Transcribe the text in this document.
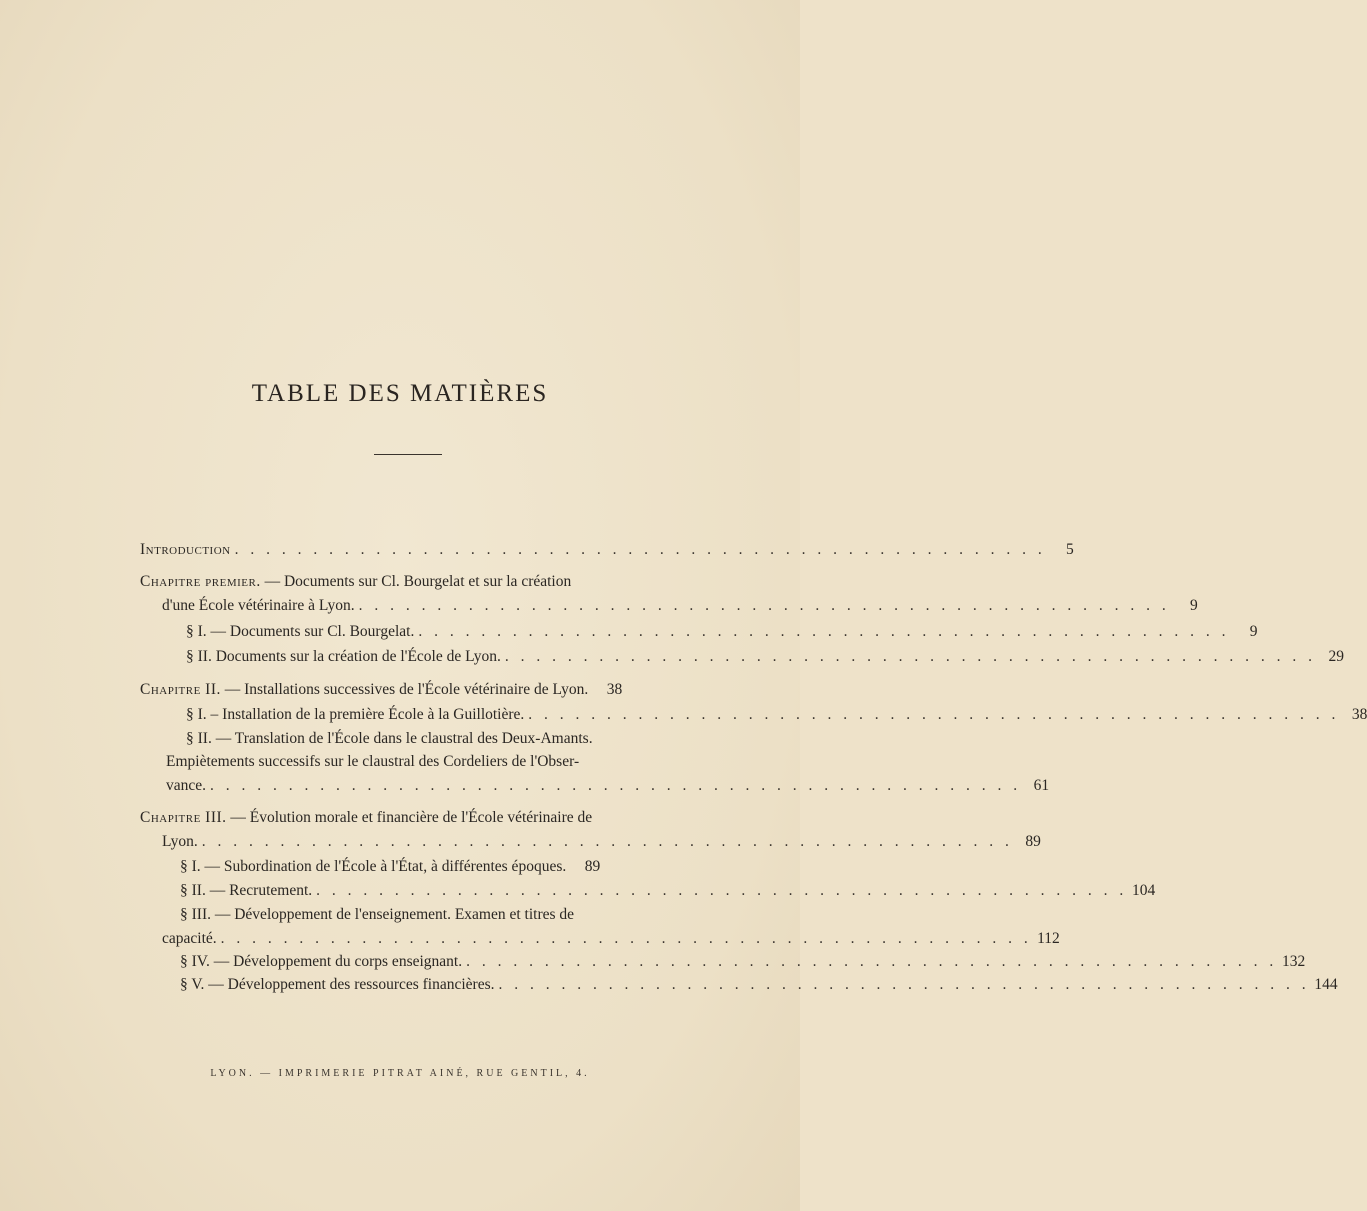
TABLE DES MATIÈRES
Introduction . . .	5
Chapitre premier. — Documents sur Cl. Bourgelat et sur la création
d'une École vétérinaire à Lyon. . . .	9
§ I. — Documents sur Cl. Bourgelat. . . .	9
§ II. Documents sur la création de l'École de Lyon. . . .	29
Chapitre II. — Installations successives de l'École vétérinaire de Lyon.	38
§ I. – Installation de la première École à la Guillotière. . . .	38
§ II. — Translation de l'École dans le claustral des Deux-Amants.
Empiètements successifs sur le claustral des Cordeliers de l'Obser-
vance. . . .	61
Chapitre III. — Évolution morale et financière de l'École vétérinaire de
Lyon. . . .	89
§ I. — Subordination de l'École à l'État, à différentes époques.	89
§ II. — Recrutement. . . .	104
§ III. — Développement de l'enseignement. Examen et titres de
capacité. . . .	112
§ IV. — Développement du corps enseignant. . . .	132
§ V. — Développement des ressources financières. . . .	144
LYON. — IMPRIMERIE PITRAT AINÉ, RUE GENTIL, 4.
